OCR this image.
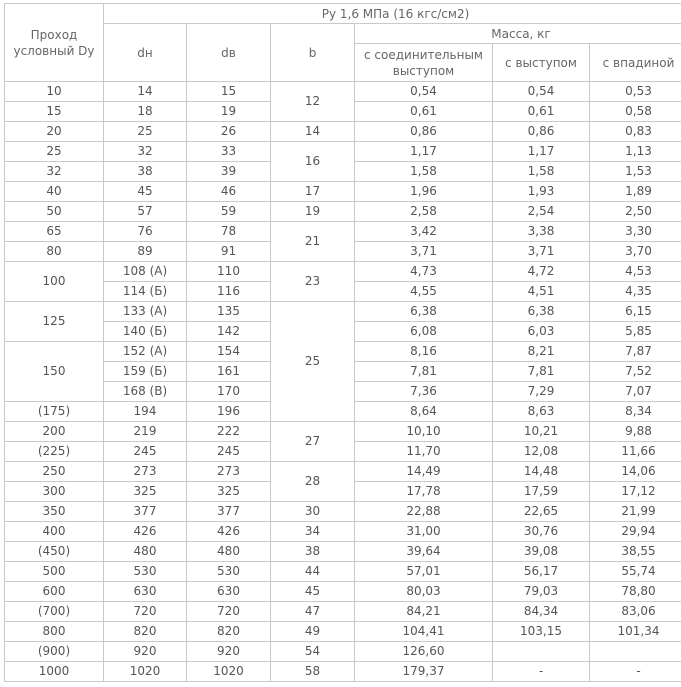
Проход условный Dy	Ру 1,6 МПа (16 кгс/см2)					
	dн	dв	b	Масса, кг		
				с соединительным выступом	с выступом	с впадиной
10	14	15	12	0,54	0,54	0,53
15	18	19		0,61	0,61	0,58
20	25	26	14	0,86	0,86	0,83
25	32	33	16	1,17	1,17	1,13
32	38	39		1,58	1,58	1,53
40	45	46	17	1,96	1,93	1,89
50	57	59	19	2,58	2,54	2,50
65	76	78	21	3,42	3,38	3,30
80	89	91		3,71	3,71	3,70
100	108 (А)	110	23	4,73	4,72	4,53
	114 (Б)	116		4,55	4,51	4,35
125	133 (А)	135	25	6,38	6,38	6,15
	140 (Б)	142		6,08	6,03	5,85
150	152 (А)	154		8,16	8,21	7,87
	159 (Б)	161		7,81	7,81	7,52
	168 (В)	170		7,36	7,29	7,07
(175)	194	196		8,64	8,63	8,34
200	219	222	27	10,10	10,21	9,88
(225)	245	245		11,70	12,08	11,66
250	273	273	28	14,49	14,48	14,06
300	325	325		17,78	17,59	17,12
350	377	377	30	22,88	22,65	21,99
400	426	426	34	31,00	30,76	29,94
(450)	480	480	38	39,64	39,08	38,55
500	530	530	44	57,01	56,17	55,74
600	630	630	45	80,03	79,03	78,80
(700)	720	720	47	84,21	84,34	83,06
800	820	820	49	104,41	103,15	101,34
(900)	920	920	54	126,60		
1000	1020	1020	58	179,37	-	-
